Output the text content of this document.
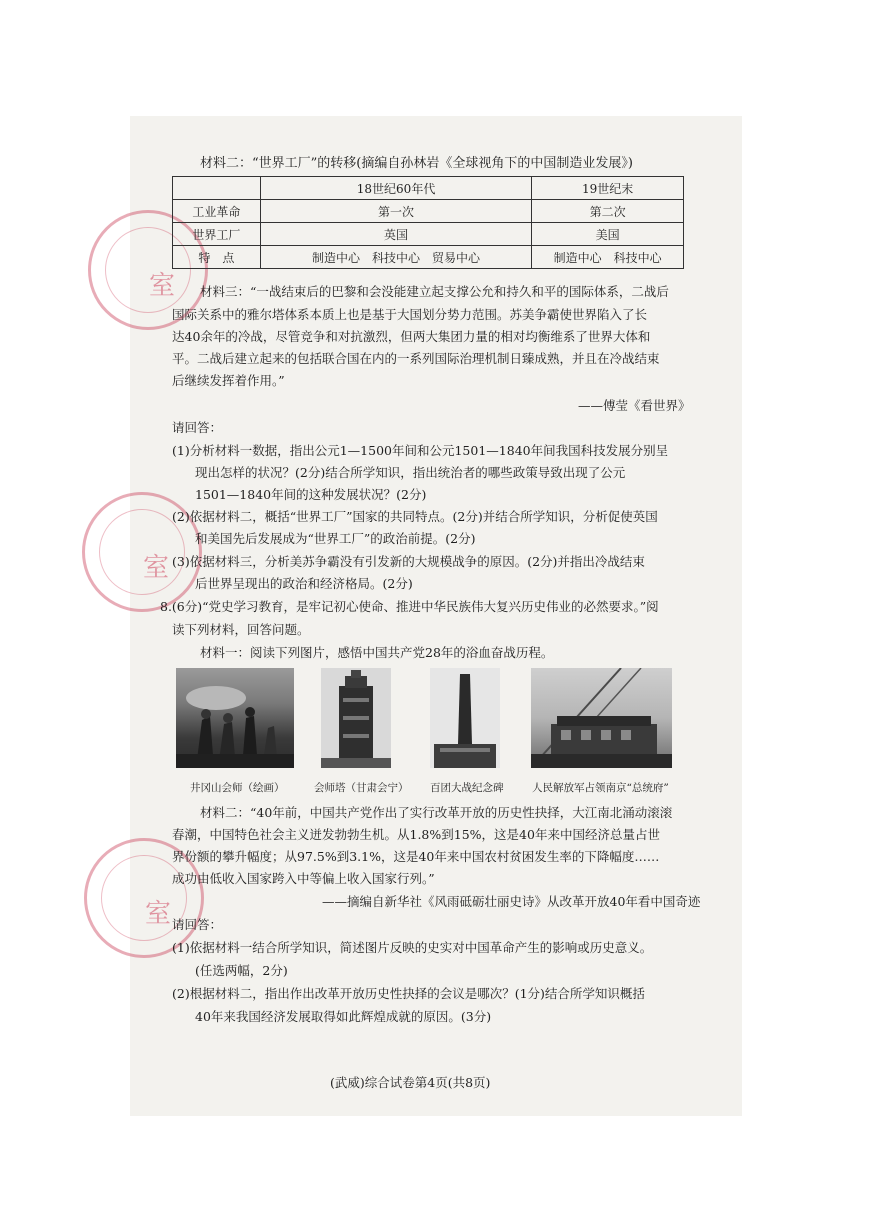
室
室
室
材料二：“世界工厂”的转移(摘编自孙林岩《全球视角下的中国制造业发展》)
	18世纪60年代	19世纪末
工业革命	第一次	第二次
世界工厂	英国	美国
特　点	制造中心　科技中心　贸易中心	制造中心　科技中心
材料三：“一战结束后的巴黎和会没能建立起支撑公允和持久和平的国际体系，二战后
国际关系中的雅尔塔体系本质上也是基于大国划分势力范围。苏美争霸使世界陷入了长
达40余年的冷战，尽管竞争和对抗激烈，但两大集团力量的相对均衡维系了世界大体和
平。二战后建立起来的包括联合国在内的一系列国际治理机制日臻成熟，并且在冷战结束
后继续发挥着作用。”
——傅莹《看世界》
请回答：
(1)分析材料一数据，指出公元1—1500年间和公元1501—1840年间我国科技发展分别呈
现出怎样的状况？(2分)结合所学知识，指出统治者的哪些政策导致出现了公元
1501—1840年间的这种发展状况？(2分)
(2)依据材料二，概括“世界工厂”国家的共同特点。(2分)并结合所学知识，分析促使英国
和美国先后发展成为“世界工厂”的政治前提。(2分)
(3)依据材料三，分析美苏争霸没有引发新的大规模战争的原因。(2分)并指出冷战结束
后世界呈现出的政治和经济格局。(2分)
8.(6分)“党史学习教育，是牢记初心使命、推进中华民族伟大复兴历史伟业的必然要求。”阅
读下列材料，回答问题。
材料一：阅读下列图片，感悟中国共产党28年的浴血奋战历程。
井冈山会师（绘画）	会师塔（甘肃会宁） 百团大战纪念碑	人民解放军占领南京“总统府”
材料二：“40年前，中国共产党作出了实行改革开放的历史性抉择，大江南北涌动滚滚
春潮，中国特色社会主义迸发勃勃生机。从1.8%到15%，这是40年来中国经济总量占世
界份额的攀升幅度；从97.5%到3.1%，这是40年来中国农村贫困发生率的下降幅度……
成功由低收入国家跨入中等偏上收入国家行列。”
——摘编自新华社《风雨砥砺壮丽史诗》从改革开放40年看中国奇迹
请回答：
(1)依据材料一结合所学知识，简述图片反映的史实对中国革命产生的影响或历史意义。
(任选两幅，2分)
(2)根据材料二，指出作出改革开放历史性抉择的会议是哪次？(1分)结合所学知识概括
40年来我国经济发展取得如此辉煌成就的原因。(3分)
(武威)综合试卷第4页(共8页)
